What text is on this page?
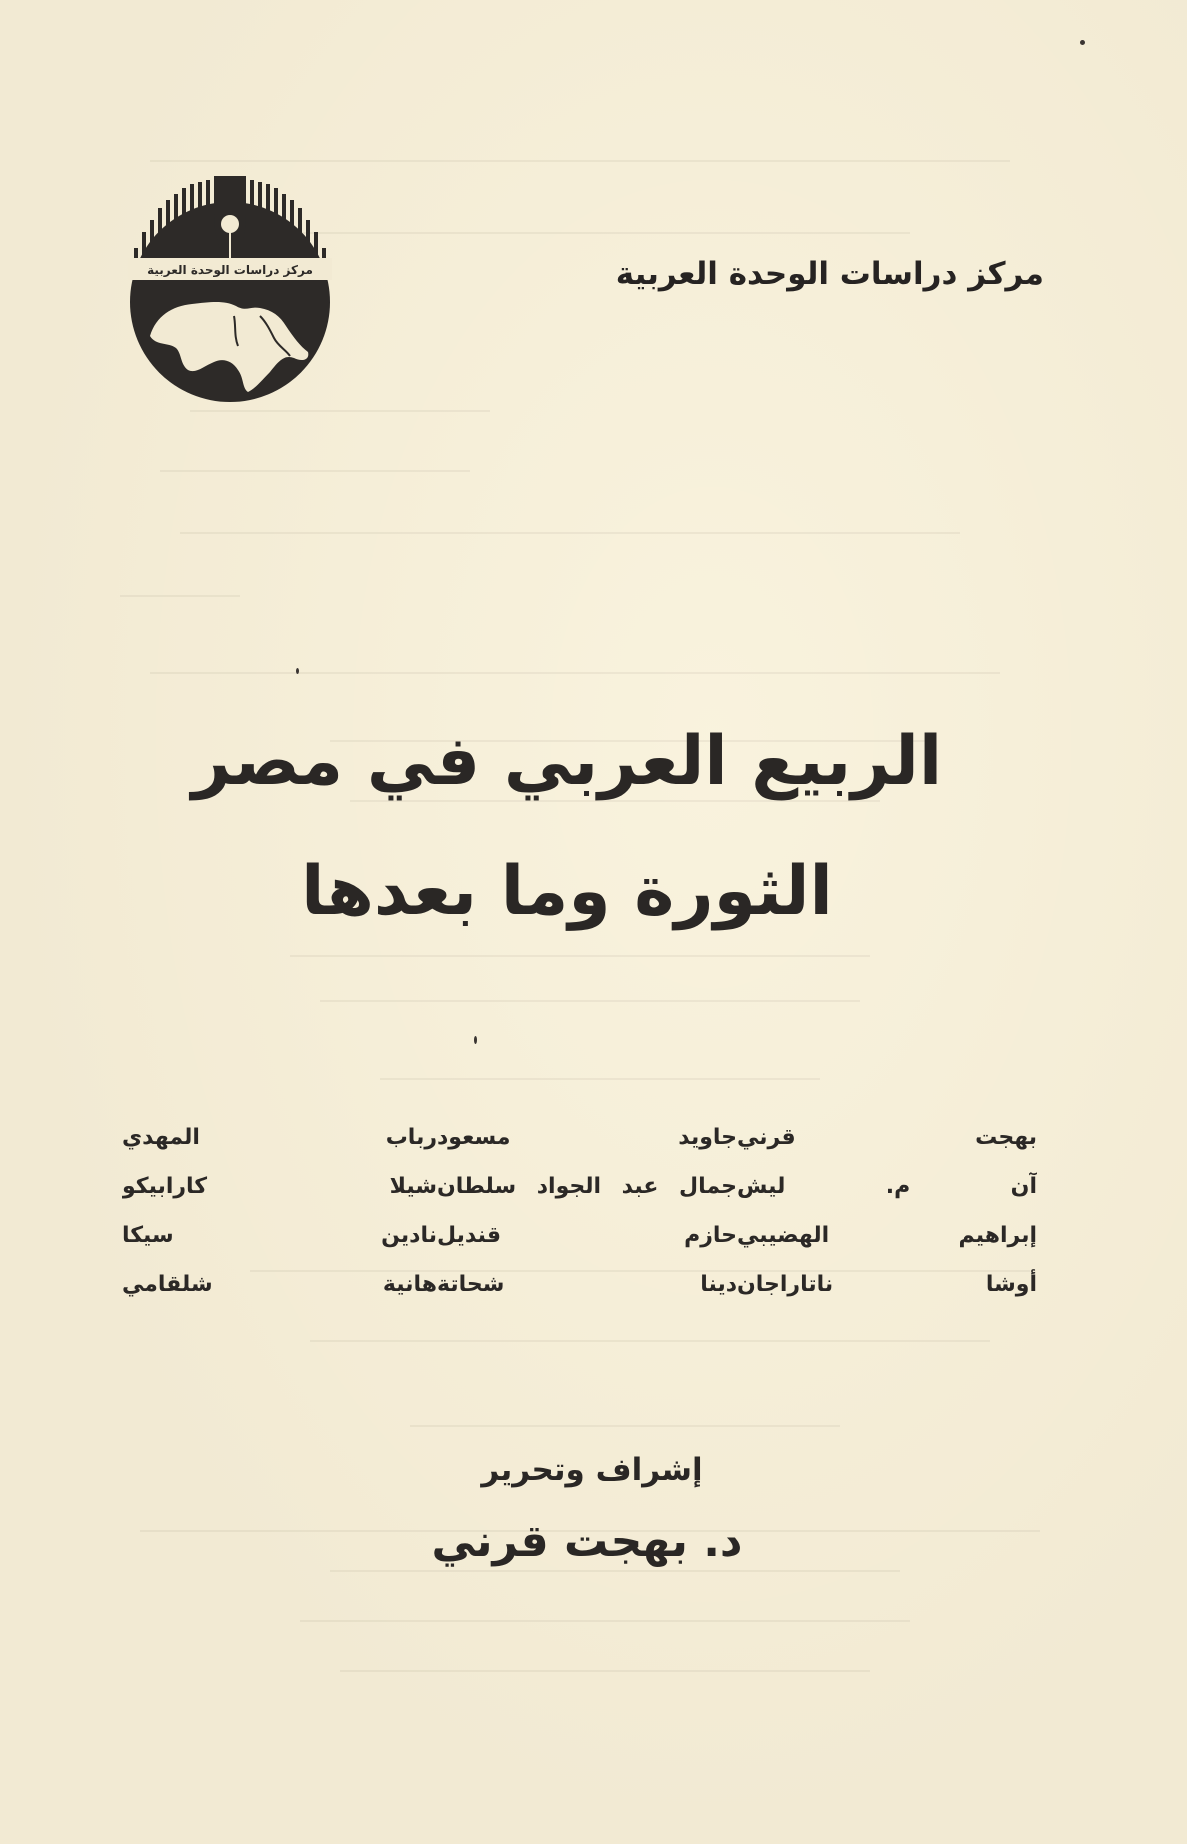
مركز دراسات الوحدة العربية
مركز دراسات الوحدة العربية
الربيع العربي في مصر
الثورة وما بعدها
بهجت قرني
جاويد مسعود
رباب المهدي
آن م. ليش
جمال عبد الجواد سلطان
شيلا كارابيكو
إبراهيم الهضيبي
حازم قنديل
نادين سيكا
أوشا ناتاراجان
دينا شحاتة
هانية شلقامي
إشراف وتحرير
د. بهجت قرني
